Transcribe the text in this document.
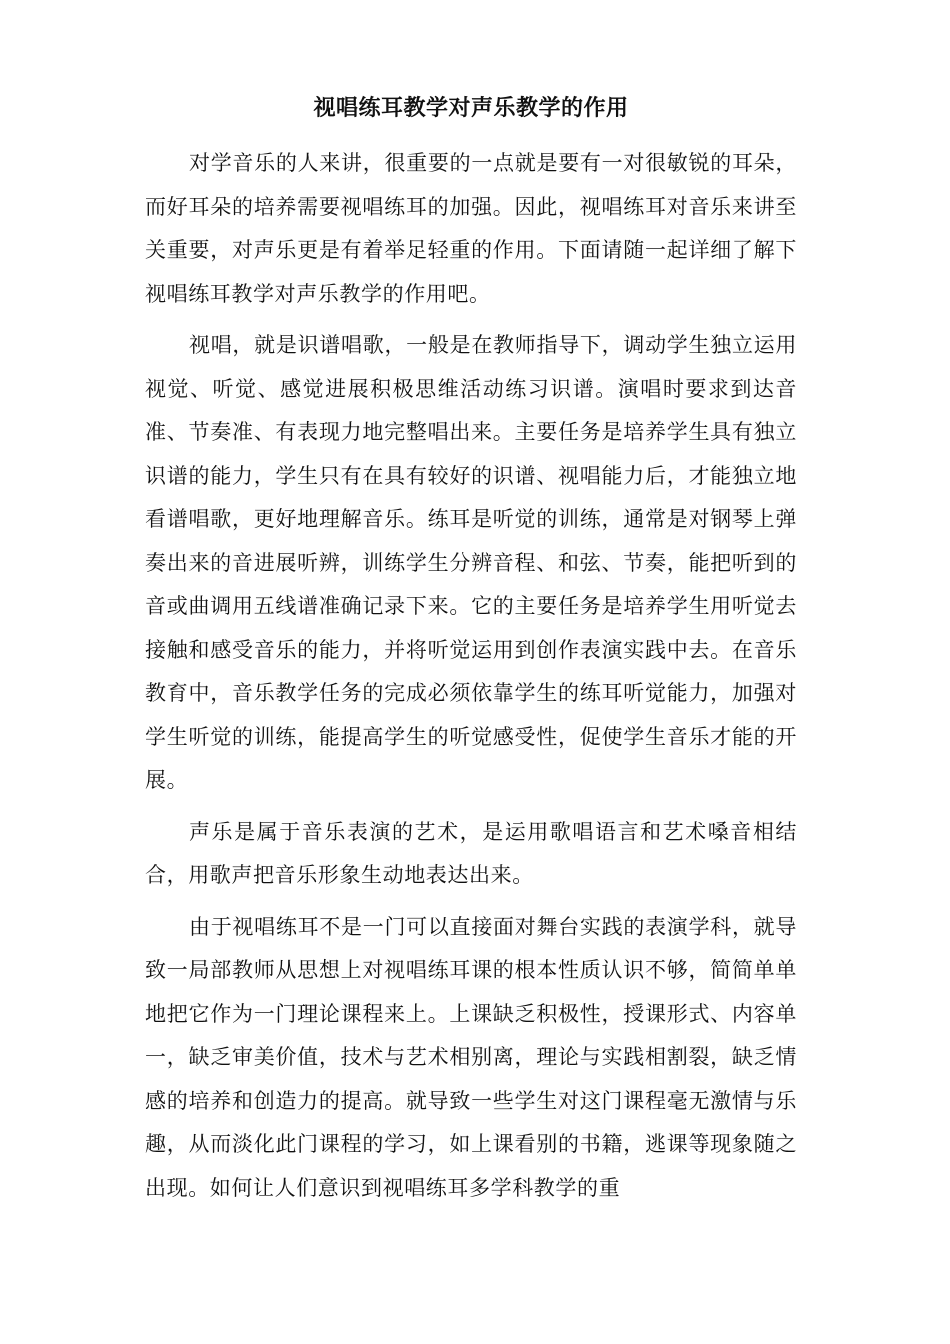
视唱练耳教学对声乐教学的作用

对学音乐的人来讲，很重要的一点就是要有一对很敏锐的耳朵，而好耳朵的培养需要视唱练耳的加强。因此，视唱练耳对音乐来讲至关重要，对声乐更是有着举足轻重的作用。下面请随一起详细了解下视唱练耳教学对声乐教学的作用吧。

视唱，就是识谱唱歌，一般是在教师指导下，调动学生独立运用视觉、听觉、感觉进展积极思维活动练习识谱。演唱时要求到达音准、节奏准、有表现力地完整唱出来。主要任务是培养学生具有独立识谱的能力，学生只有在具有较好的识谱、视唱能力后，才能独立地看谱唱歌，更好地理解音乐。练耳是听觉的训练，通常是对钢琴上弹奏出来的音进展听辨，训练学生分辨音程、和弦、节奏，能把听到的音或曲调用五线谱准确记录下来。它的主要任务是培养学生用听觉去接触和感受音乐的能力，并将听觉运用到创作表演实践中去。在音乐教育中，音乐教学任务的完成必须依靠学生的练耳听觉能力，加强对学生听觉的训练，能提高学生的听觉感受性，促使学生音乐才能的开展。

声乐是属于音乐表演的艺术，是运用歌唱语言和艺术嗓音相结合，用歌声把音乐形象生动地表达出来。

由于视唱练耳不是一门可以直接面对舞台实践的表演学科，就导致一局部教师从思想上对视唱练耳课的根本性质认识不够，简简单单地把它作为一门理论课程来上。上课缺乏积极性，授课形式、内容单一，缺乏审美价值，技术与艺术相别离，理论与实践相割裂，缺乏情感的培养和创造力的提高。就导致一些学生对这门课程毫无激情与乐趣，从而淡化此门课程的学习，如上课看别的书籍，逃课等现象随之出现。如何让人们意识到视唱练耳多学科教学的重
